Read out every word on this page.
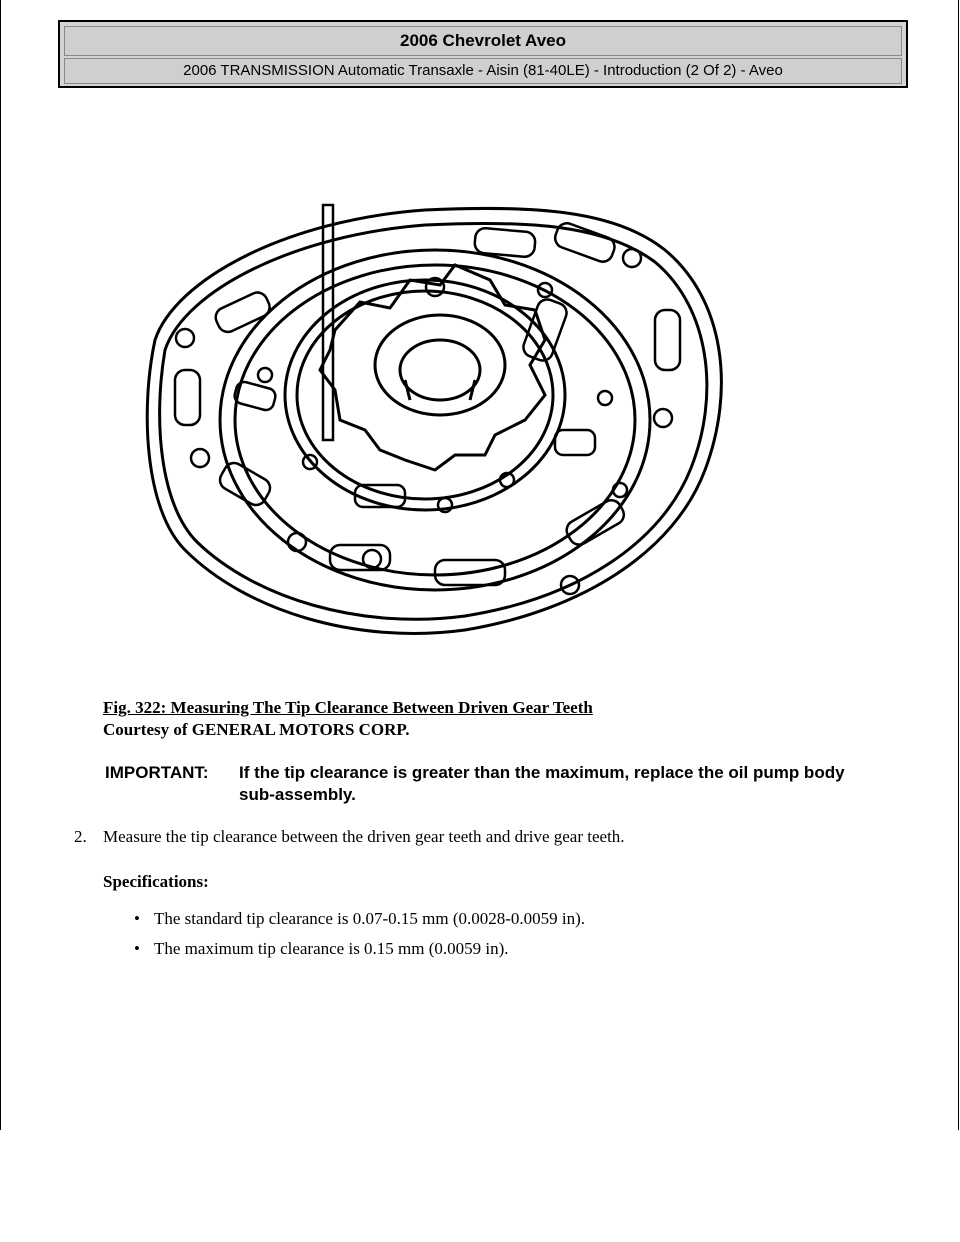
2006 Chevrolet Aveo
2006 TRANSMISSION Automatic Transaxle - Aisin (81-40LE) - Introduction (2 Of 2) - Aveo
Fig. 322: Measuring The Tip Clearance Between Driven Gear Teeth
Courtesy of GENERAL MOTORS CORP.
IMPORTANT: If the tip clearance is greater than the maximum, replace the oil pump body sub-assembly.
2. Measure the tip clearance between the driven gear teeth and drive gear teeth.
Specifications:
• The standard tip clearance is 0.07-0.15 mm (0.0028-0.0059 in).
• The maximum tip clearance is 0.15 mm (0.0059 in).
